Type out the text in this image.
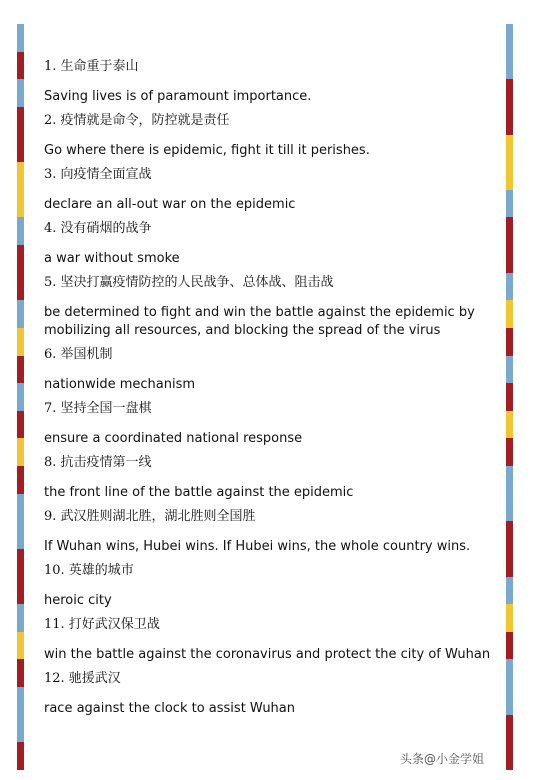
1. 生命重于泰山
Saving lives is of paramount importance.
2. 疫情就是命令，防控就是责任
Go where there is epidemic, fight it till it perishes.
3. 向疫情全面宣战
declare an all-out war on the epidemic
4. 没有硝烟的战争
a war without smoke
5. 坚决打赢疫情防控的人民战争、总体战、阻击战
be determined to fight and win the battle against the epidemic by mobilizing all resources, and blocking the spread of the virus
6. 举国机制
nationwide mechanism
7. 坚持全国一盘棋
ensure a coordinated national response
8. 抗击疫情第一线
the front line of the battle against the epidemic
9. 武汉胜则湖北胜，湖北胜则全国胜
If Wuhan wins, Hubei wins. If Hubei wins, the whole country wins.
10. 英雄的城市
heroic city
11. 打好武汉保卫战
win the battle against the coronavirus and protect the city of Wuhan
12. 驰援武汉
race against the clock to assist Wuhan
头条@小金学姐
